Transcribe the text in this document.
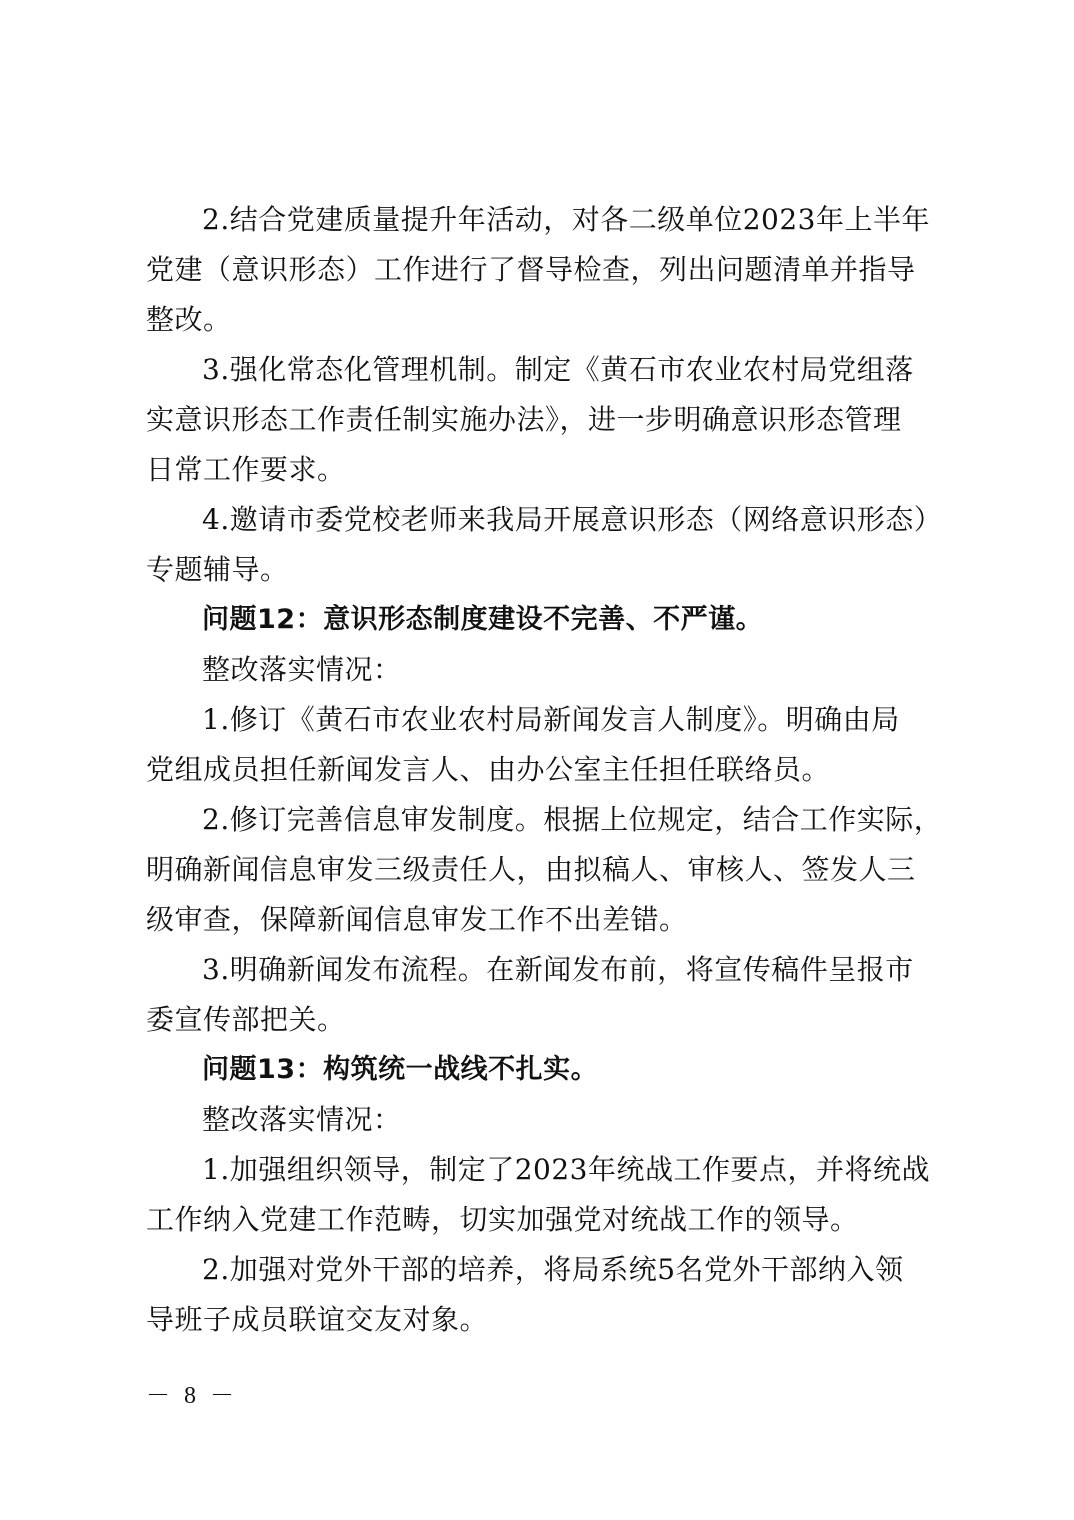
2.结合党建质量提升年活动，对各二级单位2023年上半年
党建（意识形态）工作进行了督导检查，列出问题清单并指导
整改。
3.强化常态化管理机制。制定《黄石市农业农村局党组落
实意识形态工作责任制实施办法》，进一步明确意识形态管理
日常工作要求。
4.邀请市委党校老师来我局开展意识形态（网络意识形态）
专题辅导。
问题12：意识形态制度建设不完善、不严谨。
整改落实情况：
1.修订《黄石市农业农村局新闻发言人制度》。明确由局
党组成员担任新闻发言人、由办公室主任担任联络员。
2.修订完善信息审发制度。根据上位规定，结合工作实际，
明确新闻信息审发三级责任人，由拟稿人、审核人、签发人三
级审查，保障新闻信息审发工作不出差错。
3.明确新闻发布流程。在新闻发布前，将宣传稿件呈报市
委宣传部把关。
问题13：构筑统一战线不扎实。
整改落实情况：
1.加强组织领导，制定了2023年统战工作要点，并将统战
工作纳入党建工作范畴，切实加强党对统战工作的领导。
2.加强对党外干部的培养，将局系统5名党外干部纳入领
导班子成员联谊交友对象。
－ 8 －
